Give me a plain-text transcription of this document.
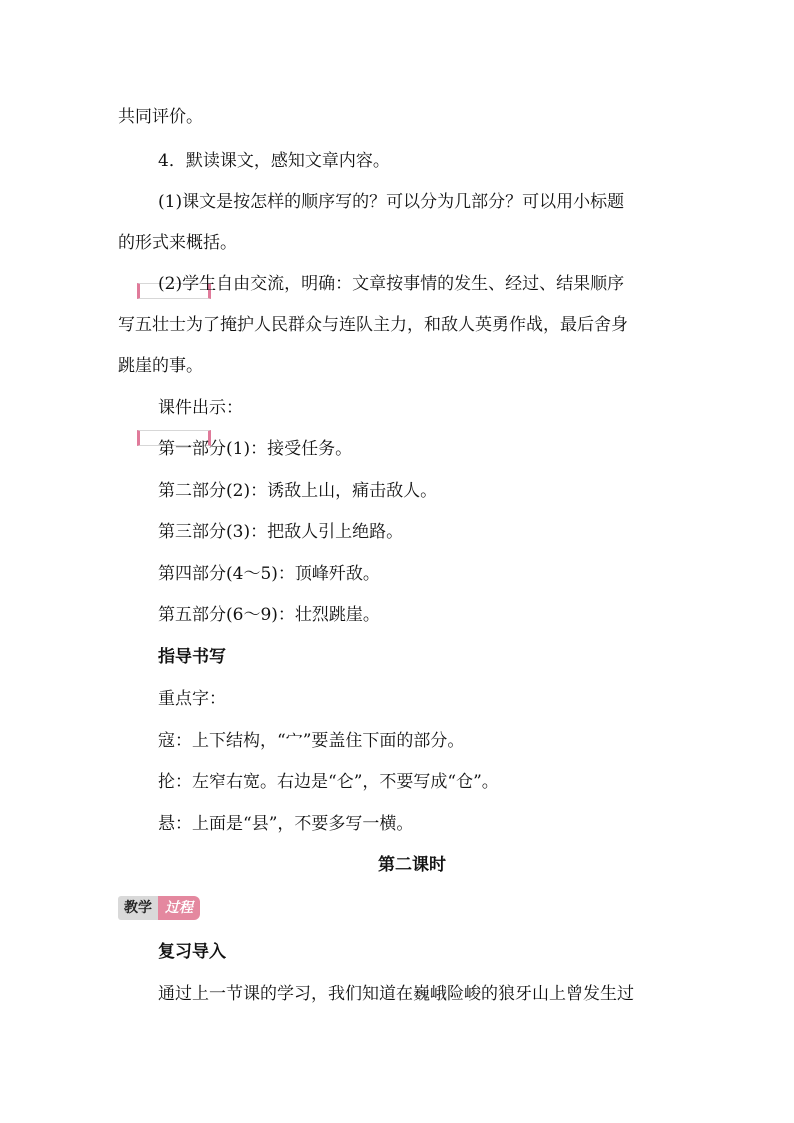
共同评价。
4．默读课文，感知文章内容。
(1)课文是按怎样的顺序写的？可以分为几部分？可以用小标题
的形式来概括。
(2)学生自由交流，明确：文章按事情的发生、经过、结果顺序
写五壮士为了掩护人民群众与连队主力，和敌人英勇作战，最后舍身
跳崖的事。
课件出示：
第一部分(1)：接受任务。
第二部分(2)：诱敌上山，痛击敌人。
第三部分(3)：把敌人引上绝路。
第四部分(4～5)：顶峰歼敌。
第五部分(6～9)：壮烈跳崖。
指导书写
重点字：
寇：上下结构，“宀”要盖住下面的部分。
抡：左窄右宽。右边是“仑”，不要写成“仓”。
悬：上面是“县”，不要多写一横。
第二课时
教学 过程
复习导入
通过上一节课的学习，我们知道在巍峨险峻的狼牙山上曾发生过
